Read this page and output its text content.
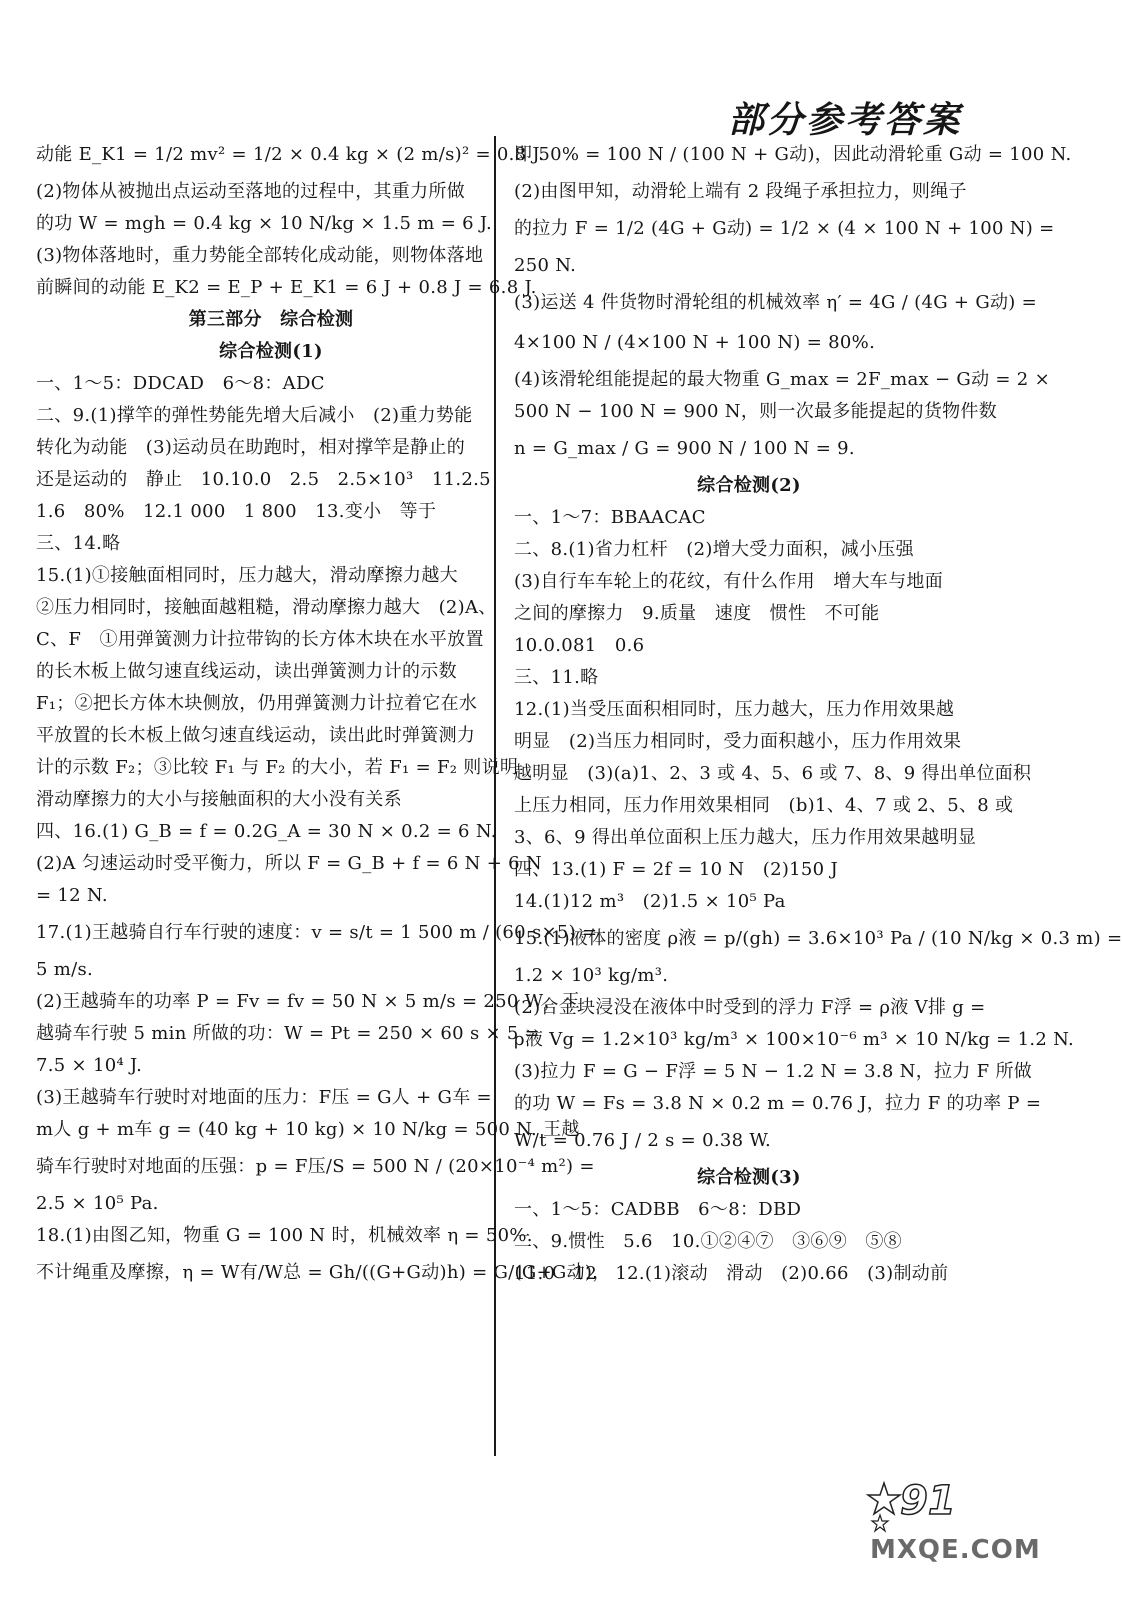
部分参考答案
动能 E_K1 = 1/2 mv² = 1/2 × 0.4 kg × (2 m/s)² = 0.8 J.
(2)物体从被抛出点运动至落地的过程中，其重力所做
的功 W = mgh = 0.4 kg × 10 N/kg × 1.5 m = 6 J.
(3)物体落地时，重力势能全部转化成动能，则物体落地
前瞬间的动能 E_K2 = E_P + E_K1 = 6 J + 0.8 J = 6.8 J.
第三部分　综合检测
综合检测(1)
一、1～5：DDCAD　6～8：ADC
二、9.(1)撑竿的弹性势能先增大后减小　(2)重力势能
转化为动能　(3)运动员在助跑时，相对撑竿是静止的
还是运动的　静止　10.10.0　2.5　2.5×10³　11.2.5
1.6　80%　12.1 000　1 800　13.变小　等于
三、14.略
15.(1)①接触面相同时，压力越大，滑动摩擦力越大
②压力相同时，接触面越粗糙，滑动摩擦力越大　(2)A、
C、F　①用弹簧测力计拉带钩的长方体木块在水平放置
的长木板上做匀速直线运动，读出弹簧测力计的示数
F₁；②把长方体木块侧放，仍用弹簧测力计拉着它在水
平放置的长木板上做匀速直线运动，读出此时弹簧测力
计的示数 F₂；③比较 F₁ 与 F₂ 的大小，若 F₁ = F₂ 则说明
滑动摩擦力的大小与接触面积的大小没有关系
四、16.(1) G_B = f = 0.2G_A = 30 N × 0.2 = 6 N.
(2)A 匀速运动时受平衡力，所以 F = G_B + f = 6 N + 6 N
= 12 N.
17.(1)王越骑自行车行驶的速度：v = s/t = 1 500 m / (60 s×5) =
5 m/s.
(2)王越骑车的功率 P = Fv = fv = 50 N × 5 m/s = 250 W，王
越骑车行驶 5 min 所做的功：W = Pt = 250 × 60 s × 5 =
7.5 × 10⁴ J.
(3)王越骑车行驶时对地面的压力：F压 = G人 + G车 =
m人 g + m车 g = (40 kg + 10 kg) × 10 N/kg = 500 N. 王越
骑车行驶时对地面的压强：p = F压/S = 500 N / (20×10⁻⁴ m²) =
2.5 × 10⁵ Pa.
18.(1)由图乙知，物重 G = 100 N 时，机械效率 η = 50%.
不计绳重及摩擦，η = W有/W总 = Gh/((G+G动)h) = G/(G+G动)，
即 50% = 100 N / (100 N + G动)，因此动滑轮重 G动 = 100 N.
(2)由图甲知，动滑轮上端有 2 段绳子承担拉力，则绳子
的拉力 F = 1/2 (4G + G动) = 1/2 × (4 × 100 N + 100 N) =
250 N.
(3)运送 4 件货物时滑轮组的机械效率 η′ = 4G / (4G + G动) =
4×100 N / (4×100 N + 100 N) = 80%.
(4)该滑轮组能提起的最大物重 G_max = 2F_max − G动 = 2 ×
500 N − 100 N = 900 N，则一次最多能提起的货物件数
n = G_max / G = 900 N / 100 N = 9.
综合检测(2)
一、1～7：BBAACAC
二、8.(1)省力杠杆　(2)增大受力面积，减小压强
(3)自行车车轮上的花纹，有什么作用　增大车与地面
之间的摩擦力　9.质量　速度　惯性　不可能
10.0.081　0.6
三、11.略
12.(1)当受压面积相同时，压力越大，压力作用效果越
明显　(2)当压力相同时，受力面积越小，压力作用效果
越明显　(3)(a)1、2、3 或 4、5、6 或 7、8、9 得出单位面积
上压力相同，压力作用效果相同　(b)1、4、7 或 2、5、8 或
3、6、9 得出单位面积上压力越大，压力作用效果越明显
四、13.(1) F = 2f = 10 N　(2)150 J
14.(1)12 m³　(2)1.5 × 10⁵ Pa
15.(1)液体的密度 ρ液 = p/(gh) = 3.6×10³ Pa / (10 N/kg × 0.3 m) =
1.2 × 10³ kg/m³.
(2)合金块浸没在液体中时受到的浮力 F浮 = ρ液 V排 g =
ρ液 Vg = 1.2×10³ kg/m³ × 100×10⁻⁶ m³ × 10 N/kg = 1.2 N.
(3)拉力 F = G − F浮 = 5 N − 1.2 N = 3.8 N，拉力 F 所做
的功 W = Fs = 3.8 N × 0.2 m = 0.76 J，拉力 F 的功率 P =
W/t = 0.76 J / 2 s = 0.38 W.
综合检测(3)
一、1～5：CADBB　6～8：DBD
二、9.惯性　5.6　10.①②④⑦　③⑥⑨　⑤⑧
11.0　12　12.(1)滚动　滑动　(2)0.66　(3)制动前
91
MXQE.COM
